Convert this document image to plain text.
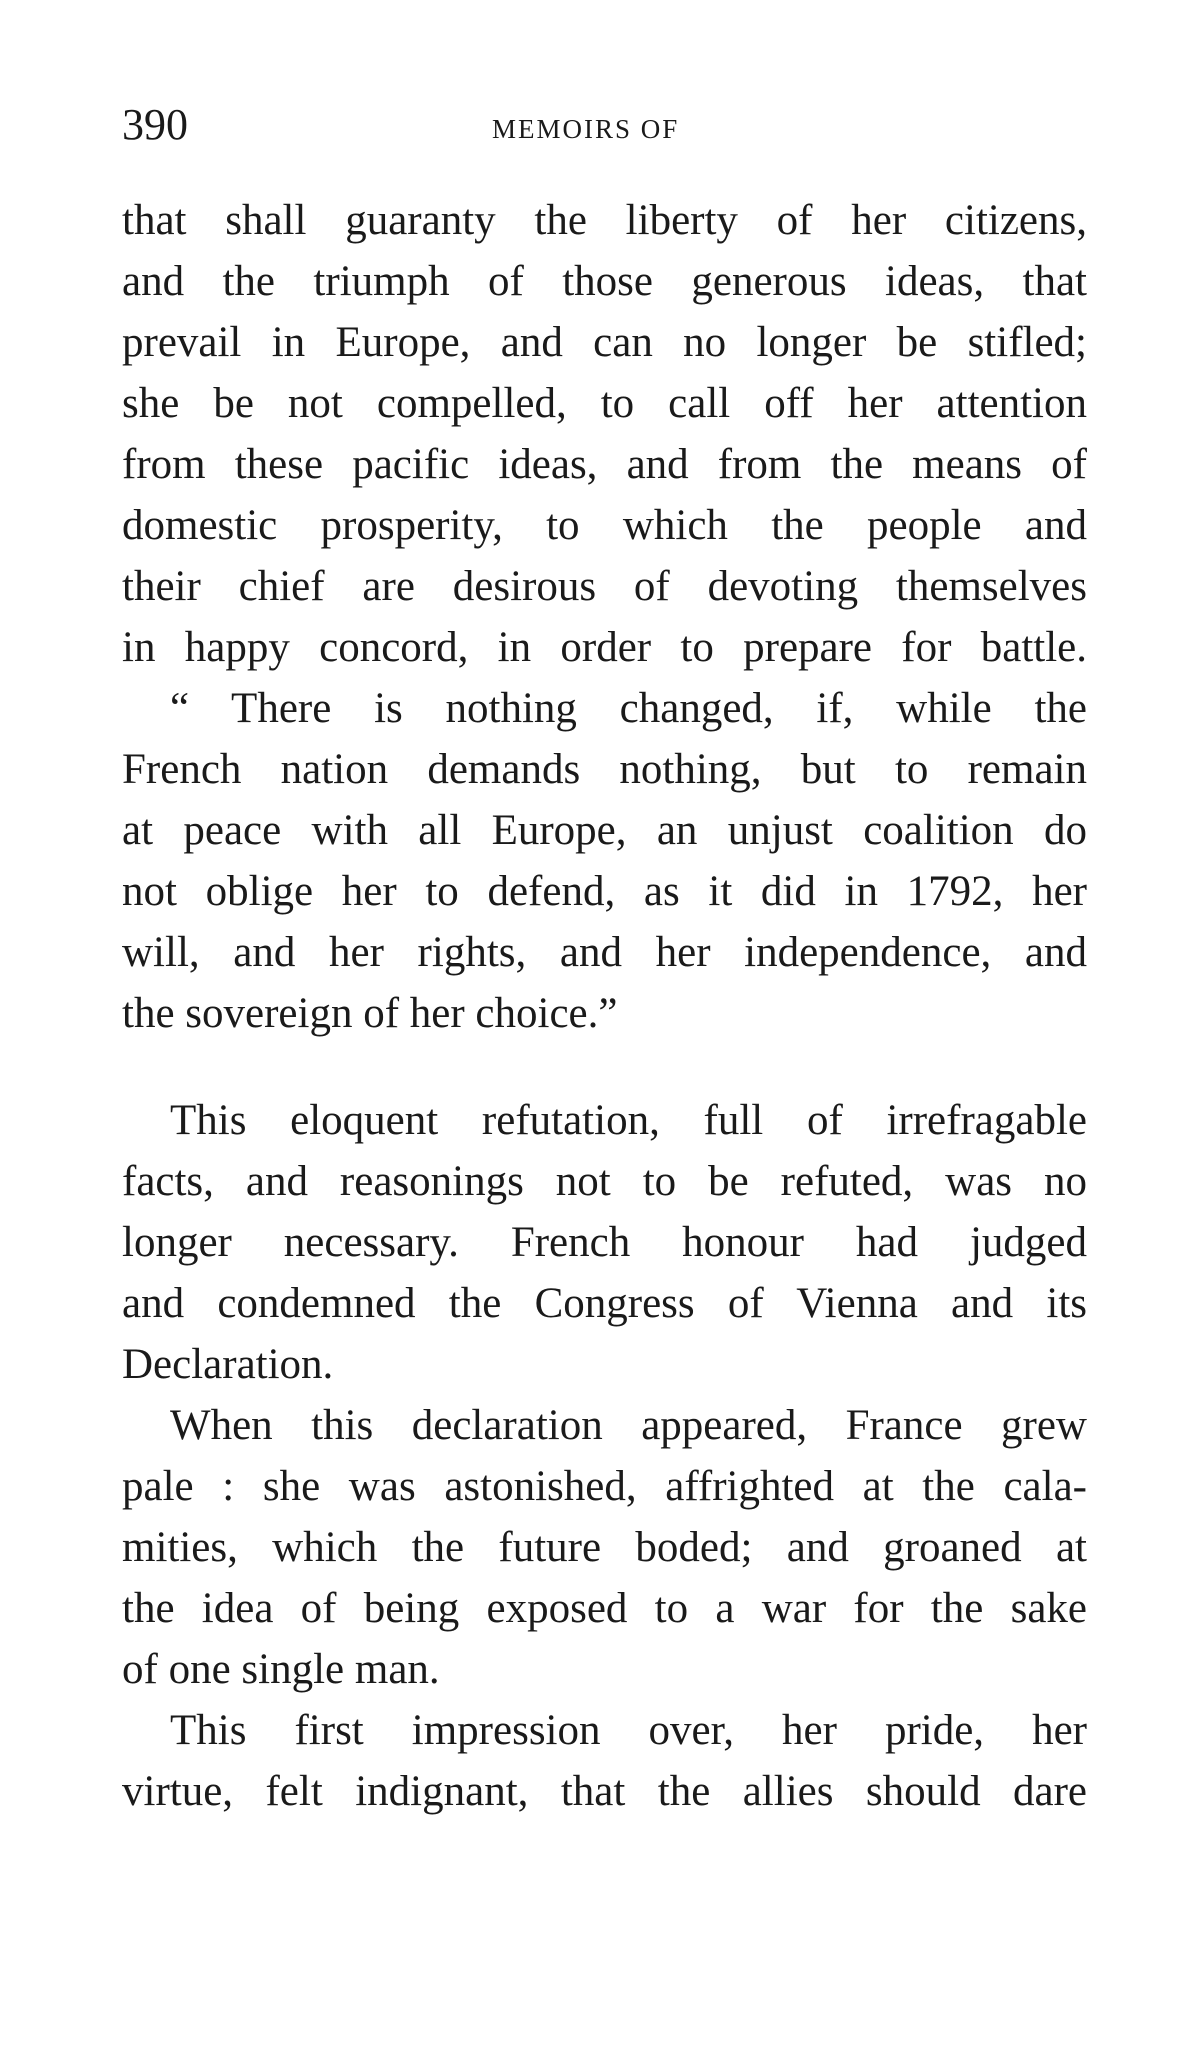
390	MEMOIRS OF
that shall guaranty the liberty of her citizens,
and the triumph of those generous ideas, that
prevail in Europe, and can no longer be stifled;
she be not compelled, to call off her attention
from these pacific ideas, and from the means of
domestic prosperity, to which the people and
their chief are desirous of devoting themselves
in happy concord, in order to prepare for battle.
“ There is nothing changed, if, while the
French nation demands nothing, but to remain
at peace with all Europe, an unjust coalition do
not oblige her to defend, as it did in 1792, her
will, and her rights, and her independence, and
the sovereign of her choice.”
This eloquent refutation, full of irrefragable
facts, and reasonings not to be refuted, was no
longer necessary. French honour had judged
and condemned the Congress of Vienna and its
Declaration.
When this declaration appeared, France grew
pale : she was astonished, affrighted at the cala-
mities, which the future boded; and groaned at
the idea of being exposed to a war for the sake
of one single man.
This first impression over, her pride, her
virtue, felt indignant, that the allies should dare
